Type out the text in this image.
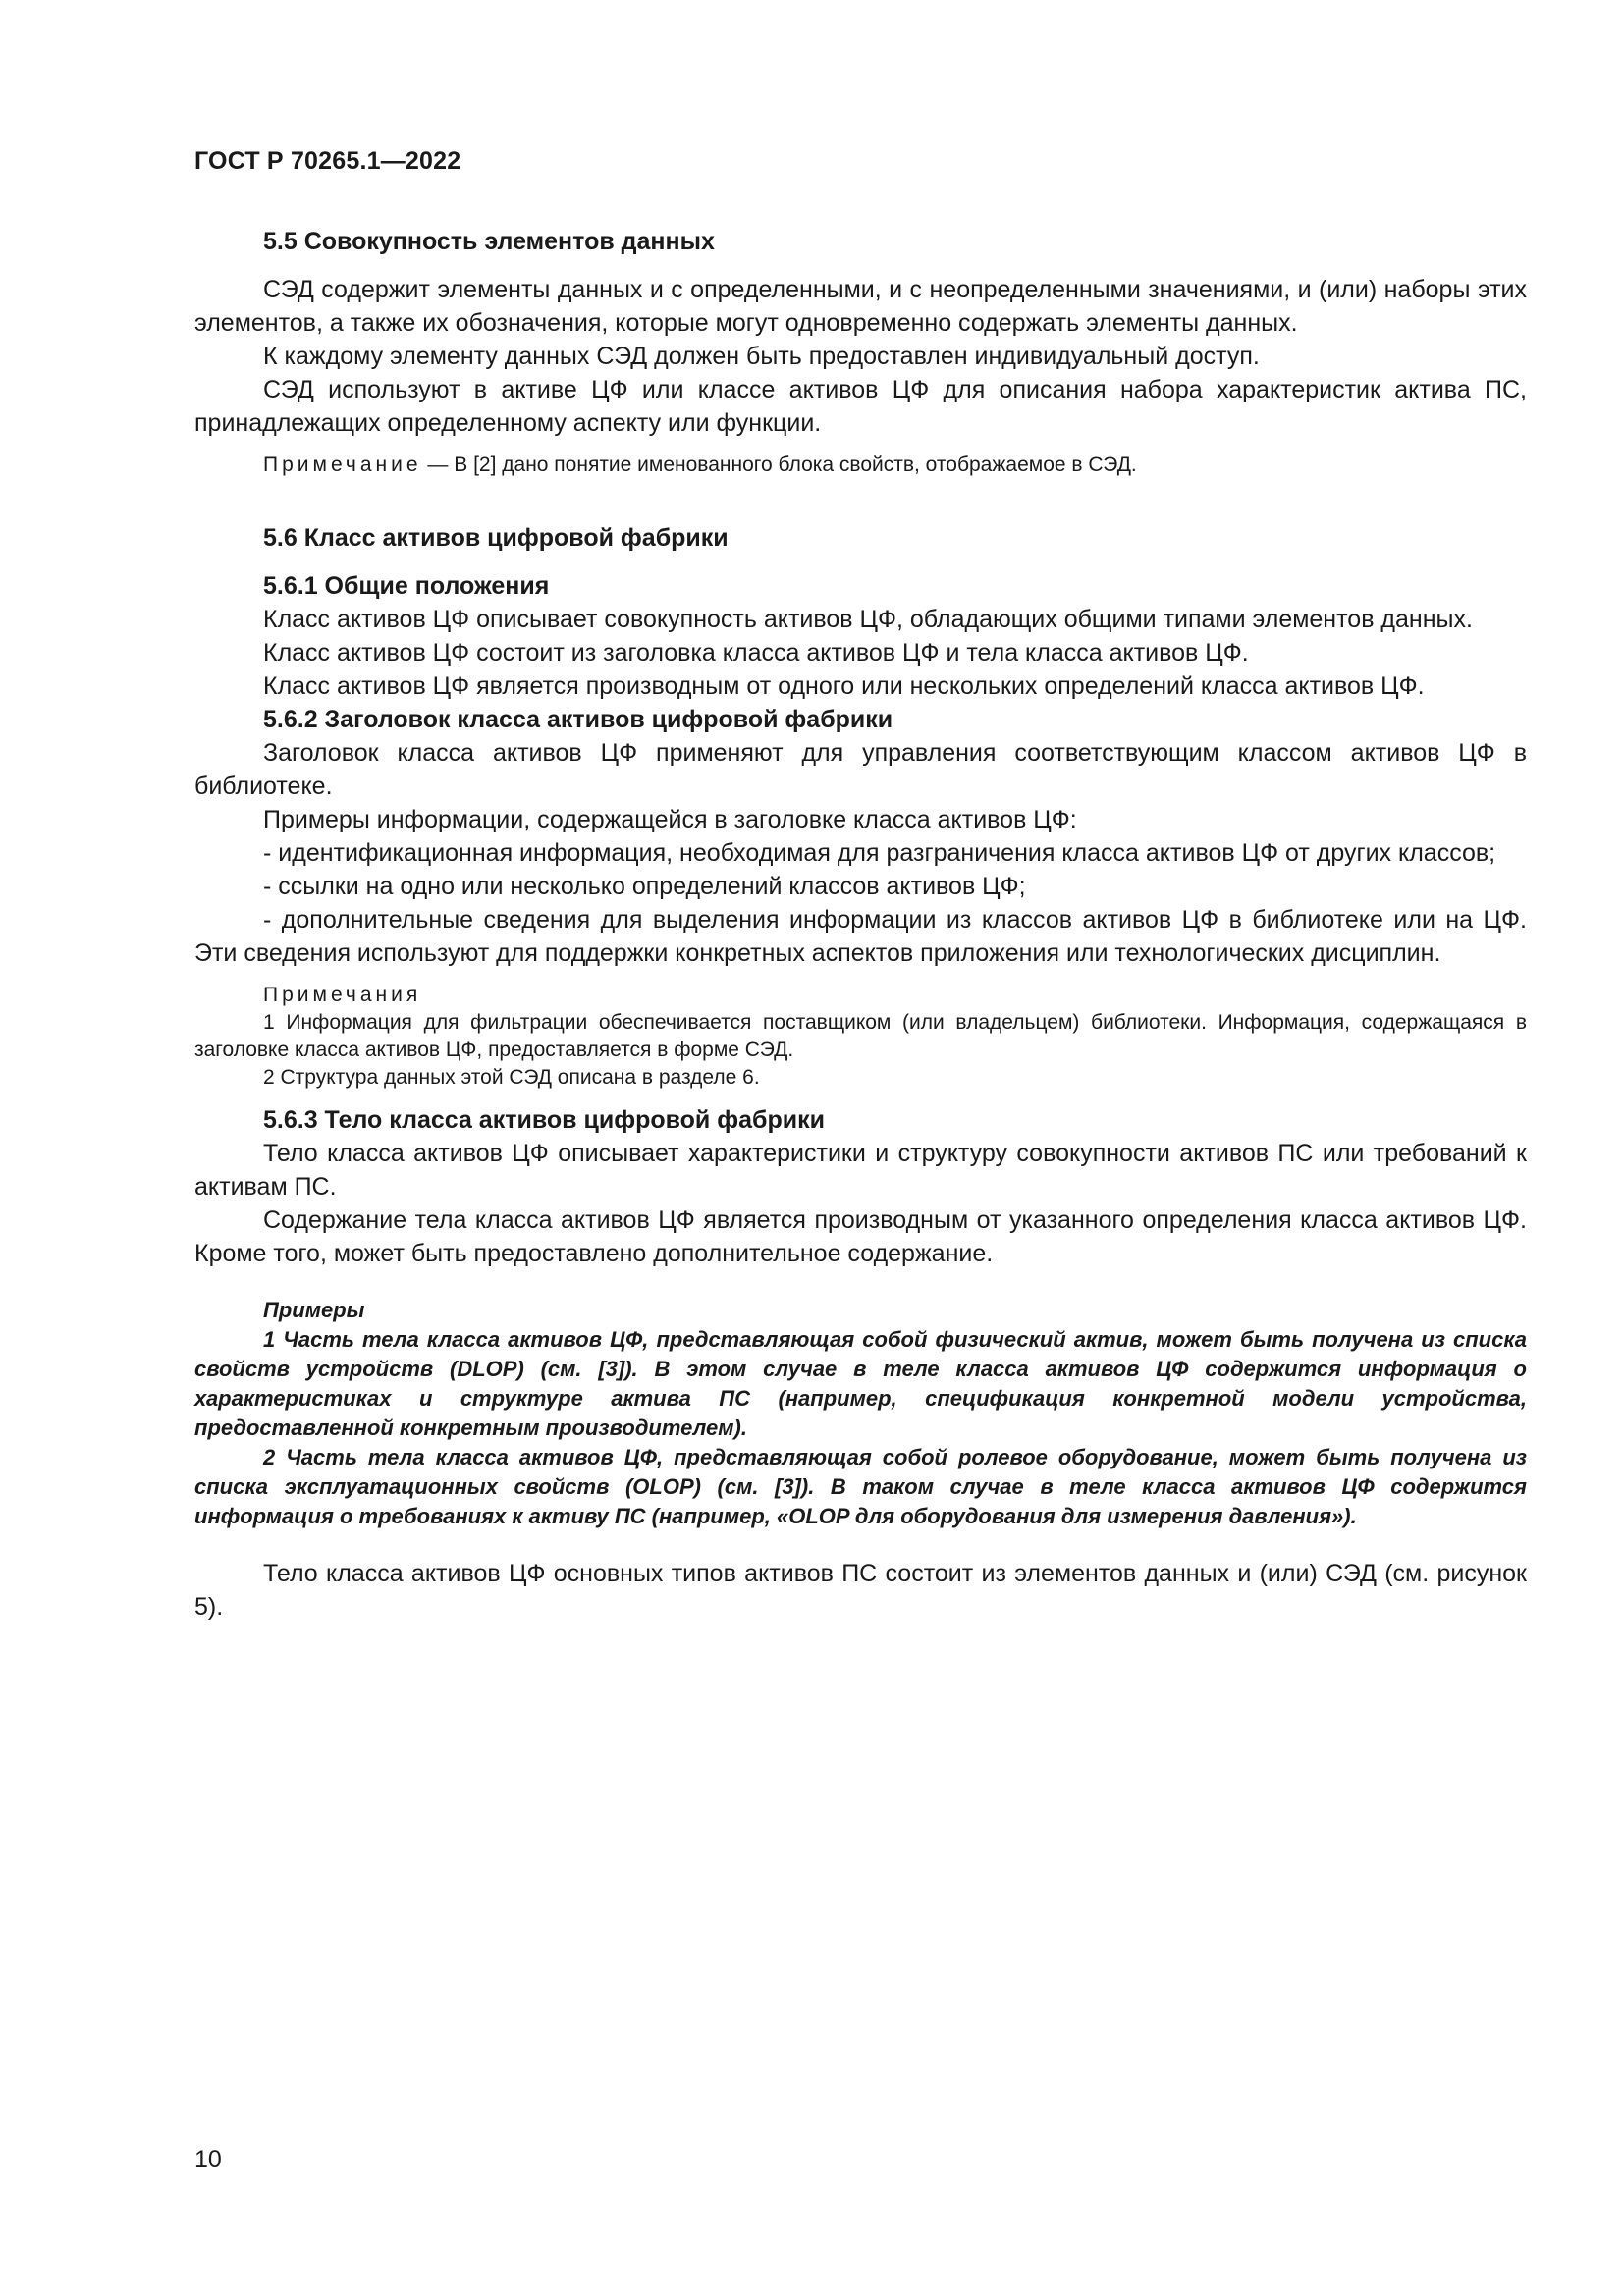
ГОСТ Р 70265.1—2022

5.5 Совокупность элементов данных

СЭД содержит элементы данных и с определенными, и с неопределенными значениями, и (или) наборы этих элементов, а также их обозначения, которые могут одновременно содержать элементы данных.

К каждому элементу данных СЭД должен быть предоставлен индивидуальный доступ.

СЭД используют в активе ЦФ или классе активов ЦФ для описания набора характеристик актива ПС, принадлежащих определенному аспекту или функции.

Примечание — В [2] дано понятие именованного блока свойств, отображаемое в СЭД.

5.6 Класс активов цифровой фабрики

5.6.1 Общие положения

Класс активов ЦФ описывает совокупность активов ЦФ, обладающих общими типами элементов данных.

Класс активов ЦФ состоит из заголовка класса активов ЦФ и тела класса активов ЦФ.

Класс активов ЦФ является производным от одного или нескольких определений класса активов ЦФ.

5.6.2 Заголовок класса активов цифровой фабрики

Заголовок класса активов ЦФ применяют для управления соответствующим классом активов ЦФ в библиотеке.

Примеры информации, содержащейся в заголовке класса активов ЦФ:

- идентификационная информация, необходимая для разграничения класса активов ЦФ от других классов;

- ссылки на одно или несколько определений классов активов ЦФ;

- дополнительные сведения для выделения информации из классов активов ЦФ в библиотеке или на ЦФ. Эти сведения используют для поддержки конкретных аспектов приложения или технологических дисциплин.

Примечания

1 Информация для фильтрации обеспечивается поставщиком (или владельцем) библиотеки. Информация, содержащаяся в заголовке класса активов ЦФ, предоставляется в форме СЭД.

2 Структура данных этой СЭД описана в разделе 6.

5.6.3 Тело класса активов цифровой фабрики

Тело класса активов ЦФ описывает характеристики и структуру совокупности активов ПС или требований к активам ПС.

Содержание тела класса активов ЦФ является производным от указанного определения класса активов ЦФ. Кроме того, может быть предоставлено дополнительное содержание.

Примеры

1 Часть тела класса активов ЦФ, представляющая собой физический актив, может быть получена из списка свойств устройств (DLOP) (см. [3]). В этом случае в теле класса активов ЦФ содержится информация о характеристиках и структуре актива ПС (например, спецификация конкретной модели устройства, предоставленной конкретным производителем).

2 Часть тела класса активов ЦФ, представляющая собой ролевое оборудование, может быть получена из списка эксплуатационных свойств (OLOP) (см. [3]). В таком случае в теле класса активов ЦФ содержится информация о требованиях к активу ПС (например, «OLOP для оборудования для измерения давления»).

Тело класса активов ЦФ основных типов активов ПС состоит из элементов данных и (или) СЭД (см. рисунок 5).

10
